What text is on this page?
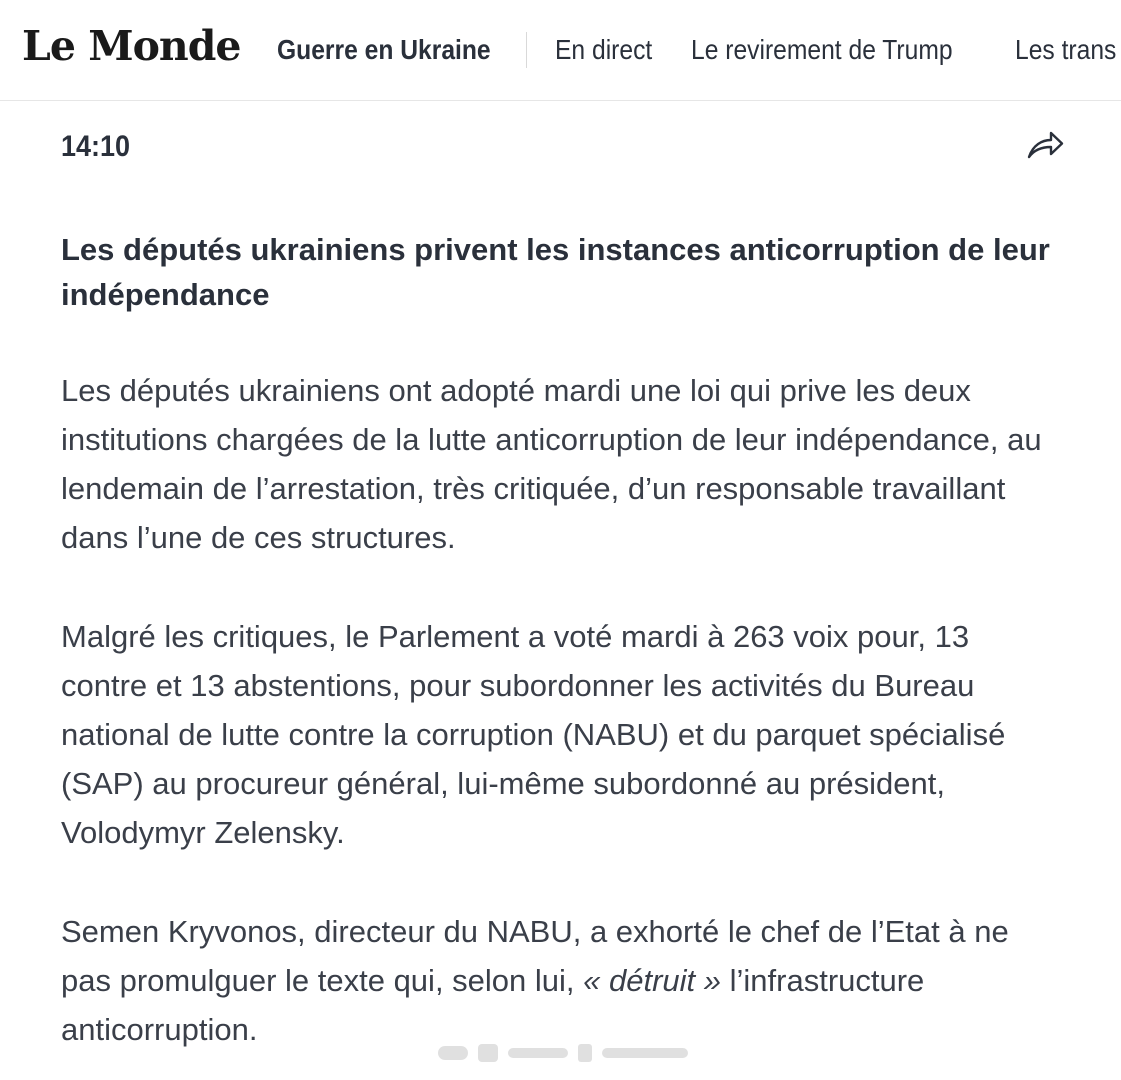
Le Monde Guerre en Ukraine En direct Le revirement de Trump Les trans
14:10
Les députés ukrainiens privent les instances anticorruption de leur indépendance

Les députés ukrainiens ont adopté mardi une loi qui prive les deux institutions chargées de la lutte anticorruption de leur indépendance, au lendemain de l’arrestation, très critiquée, d’un responsable travaillant dans l’une de ces structures.

Malgré les critiques, le Parlement a voté mardi à 263 voix pour, 13 contre et 13 abstentions, pour subordonner les activités du Bureau national de lutte contre la corruption (NABU) et du parquet spécialisé (SAP) au procureur général, lui-même subordonné au président, Volodymyr Zelensky.

Semen Kryvonos, directeur du NABU, a exhorté le chef de l’Etat à ne pas promulguer le texte qui, selon lui, « détruit » l’infrastructure anticorruption.
